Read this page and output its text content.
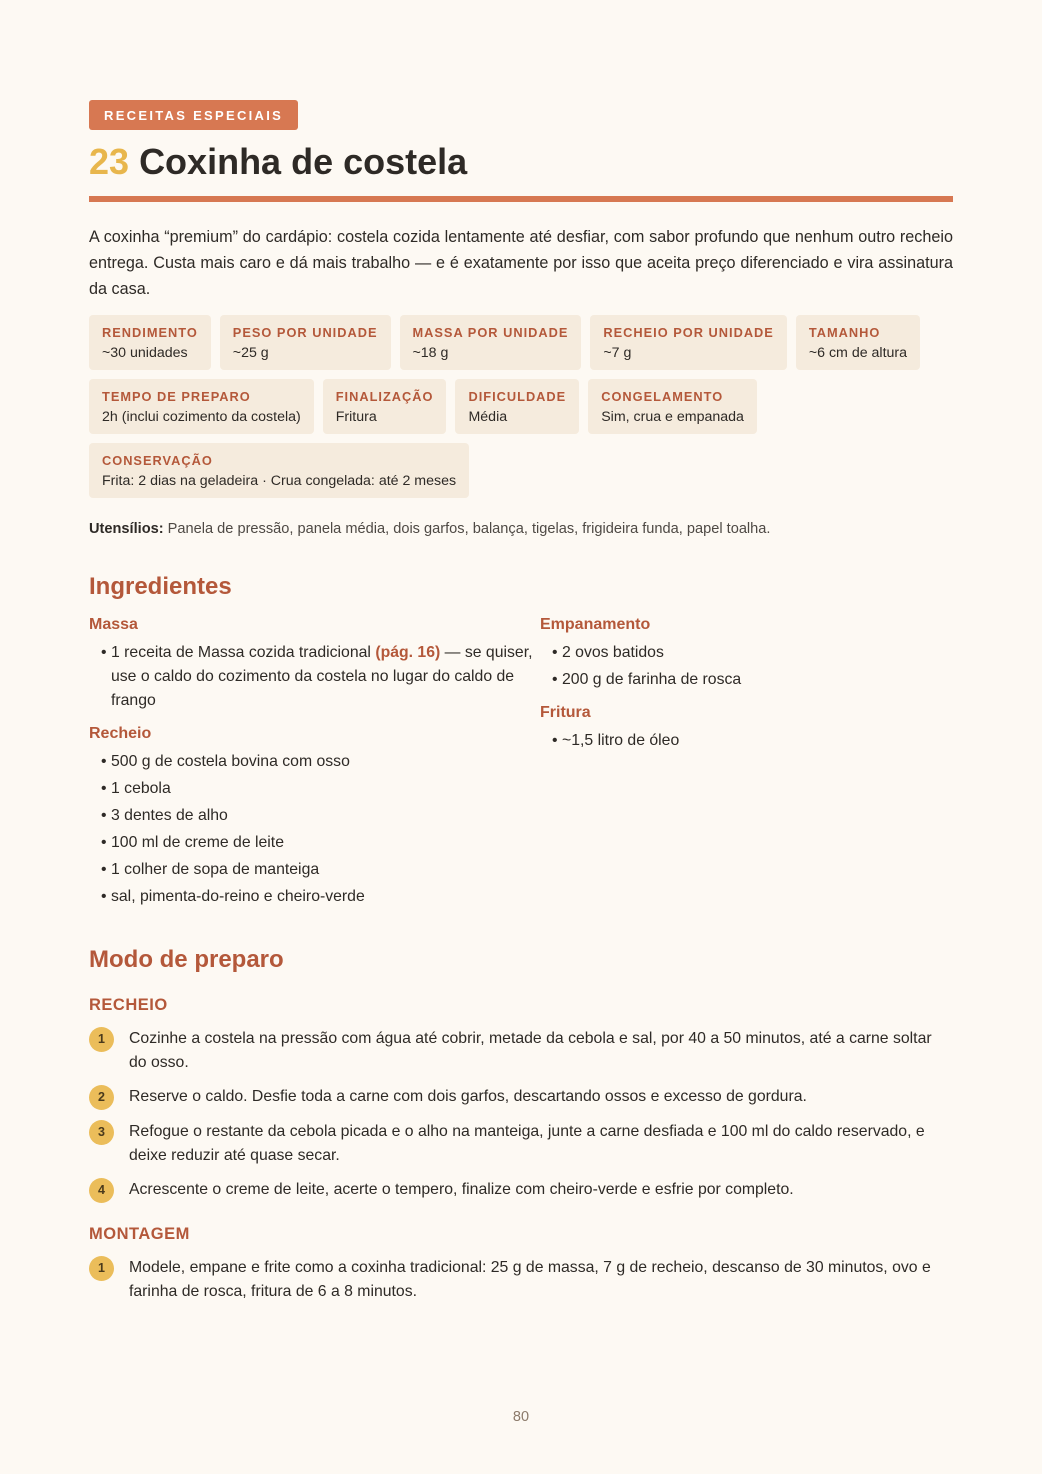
RECEITAS ESPECIAIS
23 Coxinha de costela

A coxinha “premium” do cardápio: costela cozida lentamente até desfiar, com sabor profundo que nenhum outro recheio entrega. Custa mais caro e dá mais trabalho — e é exatamente por isso que aceita preço diferenciado e vira assinatura da casa.

RENDIMENTO
~30 unidades
PESO POR UNIDADE
~25 g
MASSA POR UNIDADE
~18 g
RECHEIO POR UNIDADE
~7 g
TAMANHO
~6 cm de altura
TEMPO DE PREPARO
2h (inclui cozimento da costela)
FINALIZAÇÃO
Fritura
DIFICULDADE
Média
CONGELAMENTO
Sim, crua e empanada
CONSERVAÇÃO
Frita: 2 dias na geladeira · Crua congelada: até 2 meses

Utensílios: Panela de pressão, panela média, dois garfos, balança, tigelas, frigideira funda, papel toalha.

Ingredientes
Massa
• 1 receita de Massa cozida tradicional (pág. 16) — se quiser, use o caldo do cozimento da costela no lugar do caldo de frango
Recheio
• 500 g de costela bovina com osso
• 1 cebola
• 3 dentes de alho
• 100 ml de creme de leite
• 1 colher de sopa de manteiga
• sal, pimenta-do-reino e cheiro-verde
Empanamento
• 2 ovos batidos
• 200 g de farinha de rosca
Fritura
• ~1,5 litro de óleo
Modo de preparo
RECHEIO
1	Cozinhe a costela na pressão com água até cobrir, metade da cebola e sal, por 40 a 50 minutos, até a carne soltar do osso.
2	Reserve o caldo. Desfie toda a carne com dois garfos, descartando ossos e excesso de gordura.
3	Refogue o restante da cebola picada e o alho na manteiga, junte a carne desfiada e 100 ml do caldo reservado, e deixe reduzir até quase secar.
4	Acrescente o creme de leite, acerte o tempero, finalize com cheiro-verde e esfrie por completo.
MONTAGEM
1	Modele, empane e frite como a coxinha tradicional: 25 g de massa, 7 g de recheio, descanso de 30 minutos, ovo e farinha de rosca, fritura de 6 a 8 minutos.
80
